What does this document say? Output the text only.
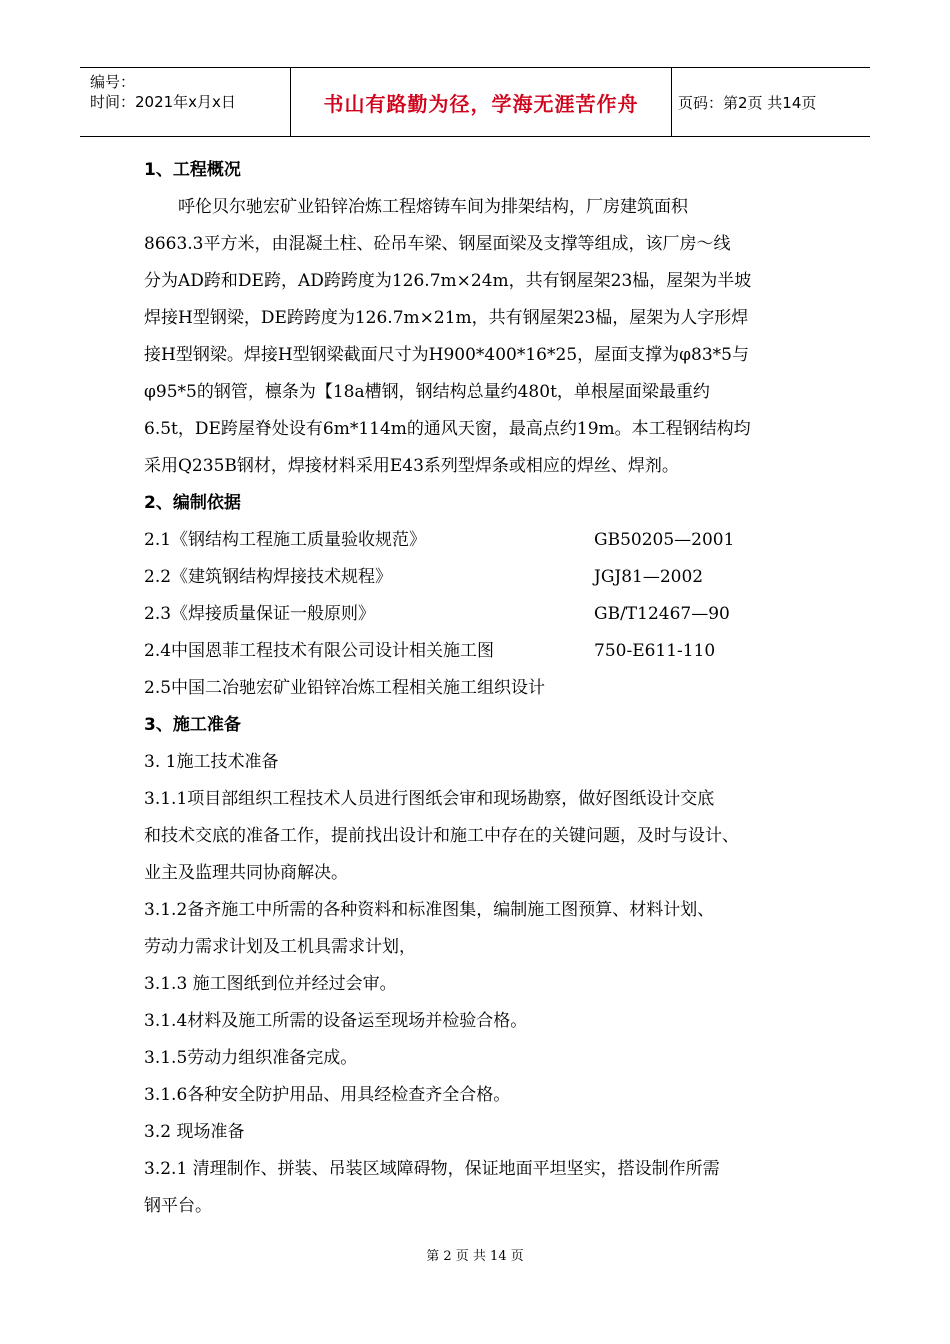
编号：
时间：2021年x月x日	书山有路勤为径，学海无涯苦作舟	页码：第2页 共14页
1、工程概况
呼伦贝尔驰宏矿业铅锌冶炼工程熔铸车间为排架结构，厂房建筑面积
8663.3平方米，由混凝土柱、砼吊车梁、钢屋面梁及支撑等组成，该厂房～线
分为AD跨和DE跨，AD跨跨度为126.7m×24m，共有钢屋架23榀，屋架为半坡
焊接H型钢梁，DE跨跨度为126.7m×21m，共有钢屋架23榀，屋架为人字形焊
接H型钢梁。焊接H型钢梁截面尺寸为H900*400*16*25，屋面支撑为φ83*5与
φ95*5的钢管，檩条为【18a槽钢，钢结构总量约480t，单根屋面梁最重约
6.5t，DE跨屋脊处设有6m*114m的通风天窗，最高点约19m。本工程钢结构均
采用Q235B钢材，焊接材料采用E43系列型焊条或相应的焊丝、焊剂。
2、编制依据
2.1《钢结构工程施工质量验收规范》	GB50205—2001
2.2《建筑钢结构焊接技术规程》	JGJ81—2002
2.3《焊接质量保证一般原则》	GB/T12467—90
2.4中国恩菲工程技术有限公司设计相关施工图	750-E611-110
2.5中国二冶驰宏矿业铅锌冶炼工程相关施工组织设计
3、施工准备
3. 1施工技术准备
3.1.1项目部组织工程技术人员进行图纸会审和现场勘察，做好图纸设计交底
和技术交底的准备工作，提前找出设计和施工中存在的关键问题，及时与设计、
业主及监理共同协商解决。
3.1.2备齐施工中所需的各种资料和标准图集，编制施工图预算、材料计划、
劳动力需求计划及工机具需求计划，
3.1.3 施工图纸到位并经过会审。
3.1.4材料及施工所需的设备运至现场并检验合格。
3.1.5劳动力组织准备完成。
3.1.6各种安全防护用品、用具经检查齐全合格。
3.2 现场准备
3.2.1 清理制作、拼装、吊装区域障碍物，保证地面平坦坚实，搭设制作所需
钢平台。
第 2 页 共 14 页
